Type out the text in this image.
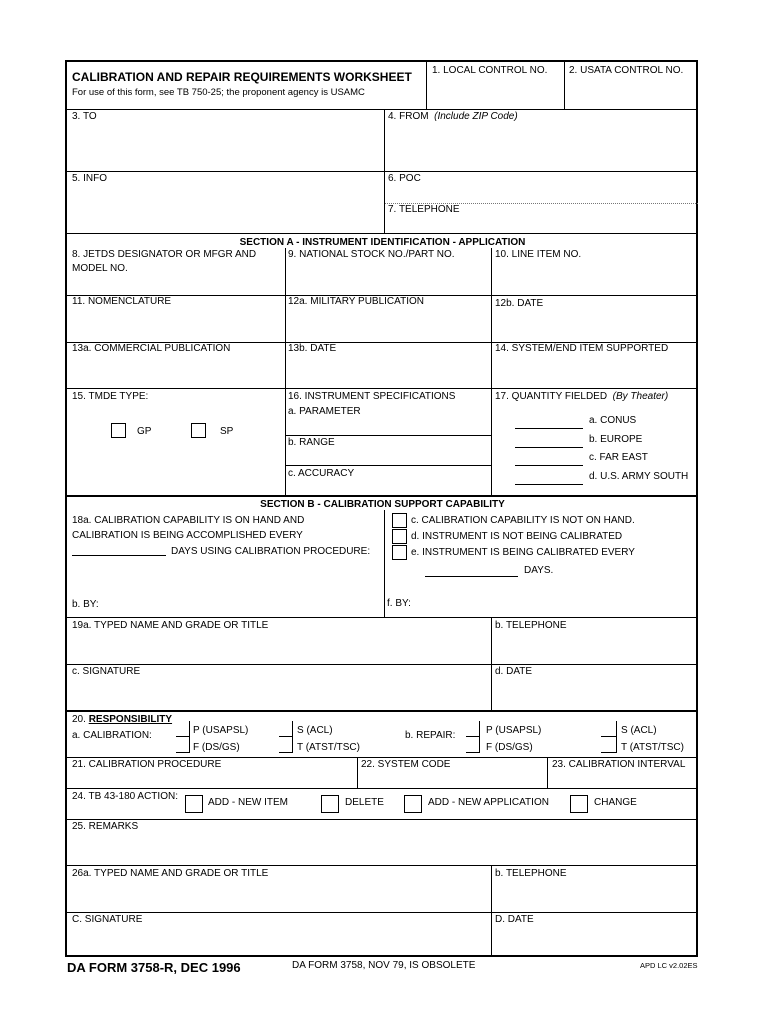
CALIBRATION AND REPAIR REQUIREMENTS WORKSHEET
For use of this form, see TB 750-25; the proponent agency is USAMC
1. LOCAL CONTROL NO. 2. USATA CONTROL NO.
3. TO	4. FROM (Include ZIP Code)
5. INFO	6. POC
7. TELEPHONE
SECTION A - INSTRUMENT IDENTIFICATION - APPLICATION
8. JETDS DESIGNATOR OR MFGR AND
MODEL NO.
9. NATIONAL STOCK NO./PART NO.	10. LINE ITEM NO.
11. NOMENCLATURE	12a. MILITARY PUBLICATION	12b. DATE
13a. COMMERCIAL PUBLICATION	13b. DATE	14. SYSTEM/END ITEM SUPPORTED
15. TMDE TYPE:
GP	SP
16. INSTRUMENT SPECIFICATIONS
a. PARAMETER
b. RANGE
c. ACCURACY
17. QUANTITY FIELDED (By Theater)
a. CONUS
b. EUROPE
c. FAR EAST
d. U.S. ARMY SOUTH
SECTION B - CALIBRATION SUPPORT CAPABILITY
18a. CALIBRATION CAPABILITY IS ON HAND AND
CALIBRATION IS BEING ACCOMPLISHED EVERY
DAYS USING CALIBRATION PROCEDURE:
b. BY:
c. CALIBRATION CAPABILITY IS NOT ON HAND.
d. INSTRUMENT IS NOT BEING CALIBRATED
e. INSTRUMENT IS BEING CALIBRATED EVERY
DAYS.
f. BY:
19a. TYPED NAME AND GRADE OR TITLE	b. TELEPHONE
c. SIGNATURE	d. DATE
20. RESPONSIBILITY
a. CALIBRATION:	P (USAPSL)
F (DS/GS)
S (ACL)
T (ATST/TSC)
b. REPAIR:	P (USAPSL)
F (DS/GS)
S (ACL)
T (ATST/TSC)
21. CALIBRATION PROCEDURE	22. SYSTEM CODE	23. CALIBRATION INTERVAL
24. TB 43-180 ACTION:
ADD - NEW ITEM	DELETE	ADD - NEW APPLICATION	CHANGE
25. REMARKS
26a. TYPED NAME AND GRADE OR TITLE	b. TELEPHONE
C. SIGNATURE	D. DATE
DA FORM 3758-R, DEC 1996	DA FORM 3758, NOV 79, IS OBSOLETE	APD LC v2.02ES
